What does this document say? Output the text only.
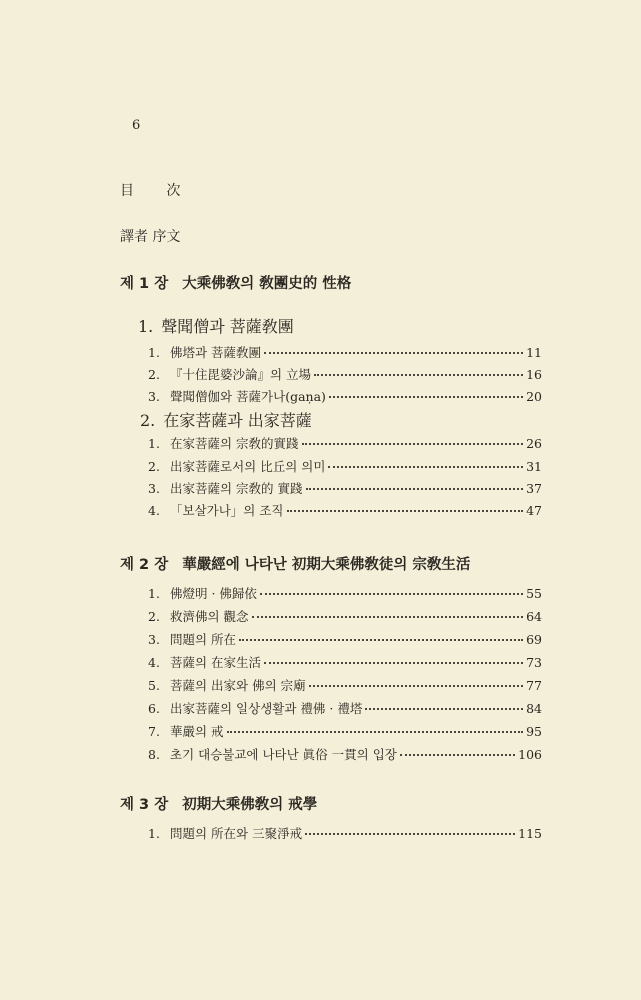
6
目 次
譯者 序文
제 1 장 大乘佛敎의 敎團史的 性格
1. 聲聞僧과 菩薩敎團
1. 佛塔과 菩薩敎團	11
2. 『十住毘婆沙論』의 立場	16
3. 聲聞僧伽와 菩薩가나(gaṇa)	20
2. 在家菩薩과 出家菩薩
1. 在家菩薩의 宗敎的實踐	26
2. 出家菩薩로서의 比丘의 의미	31
3. 出家菩薩의 宗敎的 實踐	37
4. 「보살가나」의 조직	47
제 2 장 華嚴經에 나타난 初期大乘佛敎徒의 宗敎生活
1. 佛燈明 · 佛歸依	55
2. 救濟佛의 觀念	64
3. 問題의 所在	69
4. 菩薩의 在家生活	73
5. 菩薩의 出家와 佛의 宗廟	77
6. 出家菩薩의 일상생활과 禮佛 · 禮塔	84
7. 華嚴의 戒	95
8. 초기 대승불교에 나타난 眞俗 一貫의 입장	106
제 3 장 初期大乘佛敎의 戒學
1. 問題의 所在와 三聚淨戒	115
